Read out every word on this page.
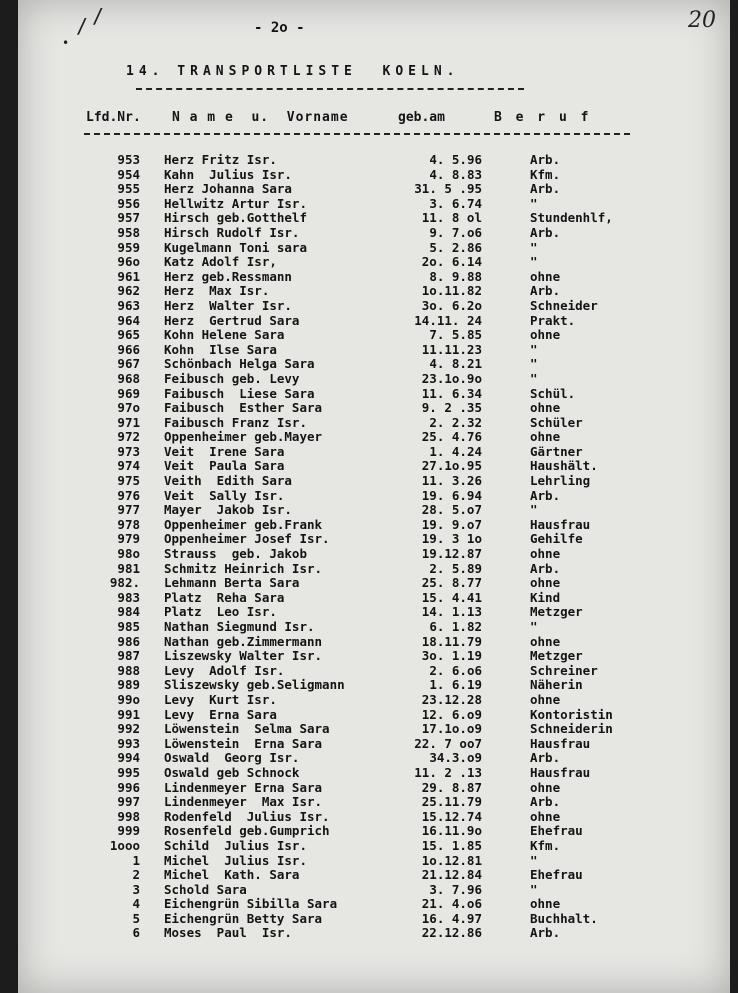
/ /
•
20
- 2o -
14. TRANSPORTLISTE  KOELN.
Lfd.Nr. N a m e  u.  Vorname	geb.am	B e r u f
953 Herz Fritz Isr.	4. 5.96	Arb.
954 Kahn  Julius Isr.	4. 8.83	Kfm.
955 Herz Johanna Sara	31. 5 .95	Arb.
956 Hellwitz Artur Isr.	3. 6.74	"
957 Hirsch geb.Gotthelf	11. 8 ol	Stundenhlf,
958 Hirsch Rudolf Isr.	9. 7.o6	Arb.
959 Kugelmann Toni sara	5. 2.86	"
96o Katz Adolf Isr,	2o. 6.14	"
961 Herz geb.Ressmann	8. 9.88	ohne
962 Herz  Max Isr.	1o.11.82	Arb.
963 Herz  Walter Isr.	3o. 6.2o	Schneider
964 Herz  Gertrud Sara	14.11. 24	Prakt.
965 Kohn Helene Sara	7. 5.85	ohne
966 Kohn  Ilse Sara	11.11.23	"
967 Schönbach Helga Sara	4. 8.21	"
968 Feibusch geb. Levy	23.1o.9o	"
969 Faibusch  Liese Sara	11. 6.34	Schül.
97o Faibusch  Esther Sara	9. 2 .35	ohne
971 Faibusch Franz Isr.	2. 2.32	Schüler
972 Oppenheimer geb.Mayer	25. 4.76	ohne
973 Veit  Irene Sara	1. 4.24	Gärtner
974 Veit  Paula Sara	27.1o.95	Haushält.
975 Veith  Edith Sara	11. 3.26	Lehrling
976 Veit  Sally Isr.	19. 6.94	Arb.
977 Mayer  Jakob Isr.	28. 5.o7	"
978 Oppenheimer geb.Frank	19. 9.o7	Hausfrau
979 Oppenheimer Josef Isr.	19. 3 1o	Gehilfe
98o Strauss  geb. Jakob	19.12.87	ohne
981 Schmitz Heinrich Isr.	2. 5.89	Arb.
982. Lehmann Berta Sara	25. 8.77	ohne
983 Platz  Reha Sara	15. 4.41	Kind
984 Platz  Leo Isr.	14. 1.13	Metzger
985 Nathan Siegmund Isr.	6. 1.82	"
986 Nathan geb.Zimmermann	18.11.79	ohne
987 Liszewsky Walter Isr.	3o. 1.19	Metzger
988 Levy  Adolf Isr.	2. 6.o6	Schreiner
989 Sliszewsky geb.Seligmann	1. 6.19	Näherin
99o Levy  Kurt Isr.	23.12.28	ohne
991 Levy  Erna Sara	12. 6.o9	Kontoristin
992 Löwenstein  Selma Sara	17.1o.o9	Schneiderin
993 Löwenstein  Erna Sara	22. 7 oo7	Hausfrau
994 Oswald  Georg Isr.	34.3.o9	Arb.
995 Oswald geb Schnock	11. 2 .13	Hausfrau
996 Lindenmeyer Erna Sara	29. 8.87	ohne
997 Lindenmeyer  Max Isr.	25.11.79	Arb.
998 Rodenfeld  Julius Isr.	15.12.74	ohne
999 Rosenfeld geb.Gumprich	16.11.9o	Ehefrau
1ooo Schild  Julius Isr.	15. 1.85	Kfm.
1 Michel  Julius Isr.	1o.12.81	"
2 Michel  Kath. Sara	21.12.84	Ehefrau
3 Schold Sara	3. 7.96	"
4 Eichengrün Sibilla Sara	21. 4.o6	ohne
5 Eichengrün Betty Sara	16. 4.97	Buchhalt.
6 Moses  Paul  Isr.	22.12.86	Arb.
